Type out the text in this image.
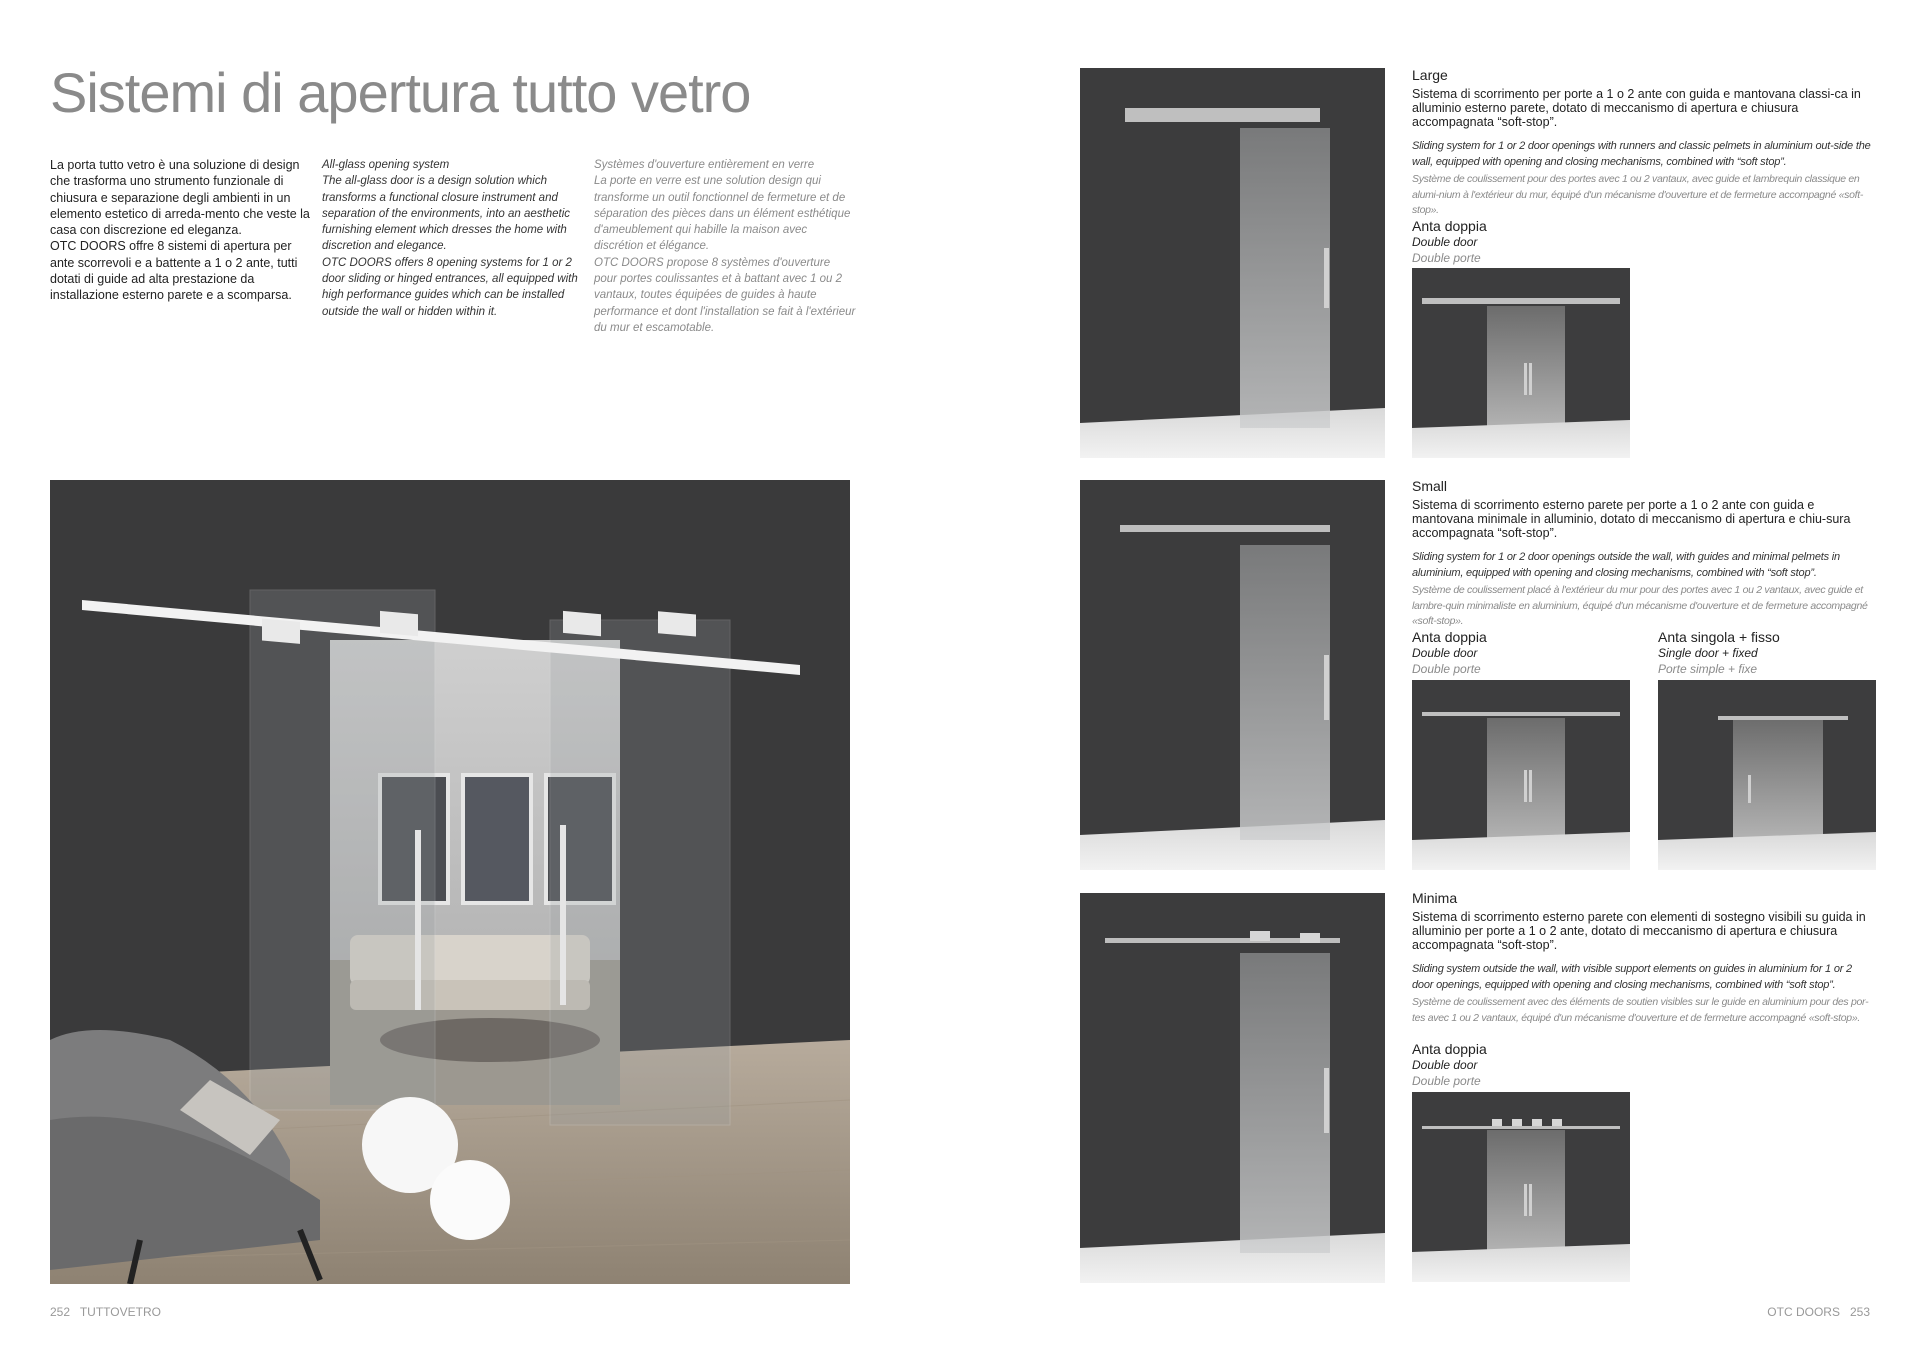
Sistemi di apertura tutto vetro

La porta tutto vetro è una soluzione di design che trasforma uno strumento funzionale di chiusura e separazione degli ambienti in un elemento estetico di arreda-mento che veste la casa con discrezione ed eleganza.

OTC DOORS offre 8 sistemi di apertura per ante scorrevoli e a battente a 1 o 2 ante, tutti dotati di guide ad alta prestazione da installazione esterno parete e a scomparsa.

All-glass opening system

The all-glass door is a design solution which transforms a functional closure instrument and separation of the environments, into an aesthetic furnishing element which dresses the home with discretion and elegance.

OTC DOORS offers 8 opening systems for 1 or 2 door sliding or hinged entrances, all equipped with high performance guides which can be installed outside the wall or hidden within it.

Systèmes d'ouverture entièrement en verre

La porte en verre est une solution design qui transforme un outil fonctionnel de fermeture et de séparation des pièces dans un élément esthétique d'ameublement qui habille la maison avec discrétion et élégance.

OTC DOORS propose 8 systèmes d'ouverture pour portes coulissantes et à battant avec 1 ou 2 vantaux, toutes équipées de guides à haute performance et dont l'installation se fait à l'extérieur du mur et escamotable.

252 TUTTOVETRO
Large
Sistema di scorrimento per porte a 1 o 2 ante con guida e mantovana classi-ca in alluminio esterno parete, dotato di meccanismo di apertura e chiusura accompagnata “soft-stop”.
Sliding system for 1 or 2 door openings with runners and classic pelmets in aluminium out-side the wall, equipped with opening and closing mechanisms, combined with “soft stop”.
Système de coulissement pour des portes avec 1 ou 2 vantaux, avec guide et lambrequin classique en alumi-nium à l'extérieur du mur, équipé d'un mécanisme d'ouverture et de fermeture accompagné «soft-stop».
Anta doppia
Double door
Double porte
Small
Sistema di scorrimento esterno parete per porte a 1 o 2 ante con guida e mantovana minimale in alluminio, dotato di meccanismo di apertura e chiu-sura accompagnata “soft-stop”.
Sliding system for 1 or 2 door openings outside the wall, with guides and minimal pelmets in aluminium, equipped with opening and closing mechanisms, combined with “soft stop”.
Système de coulissement placé à l'extérieur du mur pour des portes avec 1 ou 2 vantaux, avec guide et lambre-quin minimaliste en aluminium, équipé d'un mécanisme d'ouverture et de fermeture accompagné «soft-stop».
Anta doppia
Double door
Double porte
Anta singola + fisso
Single door + fixed
Porte simple + fixe
Minima
Sistema di scorrimento esterno parete con elementi di sostegno visibili su guida in alluminio per porte a 1 o 2 ante, dotato di meccanismo di apertura e chiusura accompagnata “soft-stop”.
Sliding system outside the wall, with visible support elements on guides in aluminium for 1 or 2 door openings, equipped with opening and closing mechanisms, combined with “soft stop”.
Système de coulissement avec des éléments de soutien visibles sur le guide en aluminium pour des por-tes avec 1 ou 2 vantaux, équipé d'un mécanisme d'ouverture et de fermeture accompagné «soft-stop».
Anta doppia
Double door
Double porte
OTC DOORS 253
